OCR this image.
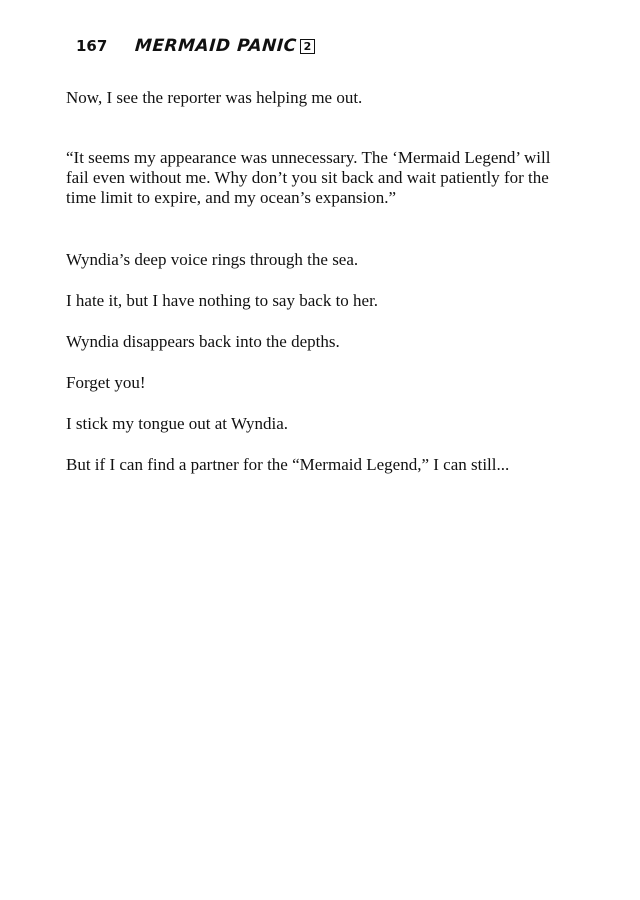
167 MERMAID PANIC 2

Now, I see the reporter was helping me out.

“It seems my appearance was unnecessary. The ‘Mermaid Legend’ will fail even without me. Why don’t you sit back and wait patiently for the time limit to expire, and my ocean’s expansion.”

Wyndia’s deep voice rings through the sea.

I hate it, but I have nothing to say back to her.

Wyndia disappears back into the depths.

Forget you!

I stick my tongue out at Wyndia.

But if I can find a partner for the “Mermaid Legend,” I can still...
